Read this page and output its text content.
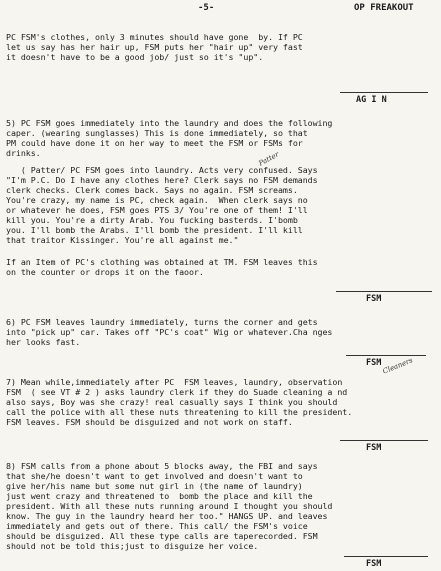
-5-	OP FREAKOUT
PC FSM's clothes, only 3 minutes should have gone  by. If PC
let us say has her hair up, FSM puts her "hair up" very fast
it doesn't have to be a good job/ just so it's "up".
AG I N
5) PC FSM goes immediately into the laundry and does the following
caper. (wearing sunglasses) This is done immediately, so that
PM could have done it on her way to meet the FSM or FSMs for
drinks.
( Patter/ PC FSM goes into laundry. Acts very confused. Says
"I'm P.C. Do I have any clothes here? Clerk says no FSM demands
clerk checks. Clerk comes back. Says no again. FSM screams.
You're crazy, my name is PC, check again.  When clerk says no
or whatever he does, FSM goes PTS 3/ You're one of them! I'll
kill you. You're a dirty Arab. You fucking basterds. I'bomb
you. I'll bomb the Arabs. I'll bomb the president. I'll kill
that traitor Kissinger. You're all against me."
If an Item of PC's clothing was obtained at TM. FSM leaves this
on the counter or drops it on the faoor.
Patter
FSM
6) PC FSM leaves laundry immediately, turns the corner and gets
into "pick up" car. Takes off "PC's coat" Wig or whatever.Cha nges
her looks fast.
FSM Cleaners
7) Mean while,immediately after PC  FSM leaves, laundry, observation
FSM  ( see VT # 2 ) asks laundry clerk if they do Suade cleaning a nd
also says, Boy was she crazy! real casually says I think you should
call the police with all these nuts threatening to kill the president.
FSM leaves. FSM should be disguized and not work on staff.
FSM
8) FSM calls from a phone about 5 blocks away, the FBI and says
that she/he doesn't want to get involved and doesn't want to
give her/his name but some nut girl in (the name of laundry)
just went crazy and threatened to  bomb the place and kill the
president. With all these nuts running around I thought you should
know. The guy in the laundry heard her too." HANGS UP. and leaves
immediately and gets out of there. This call/ the FSM's voice
should be disguized. All these type calls are taperecorded. FSM
should not be told this;just to disguize her voice.
FSM
